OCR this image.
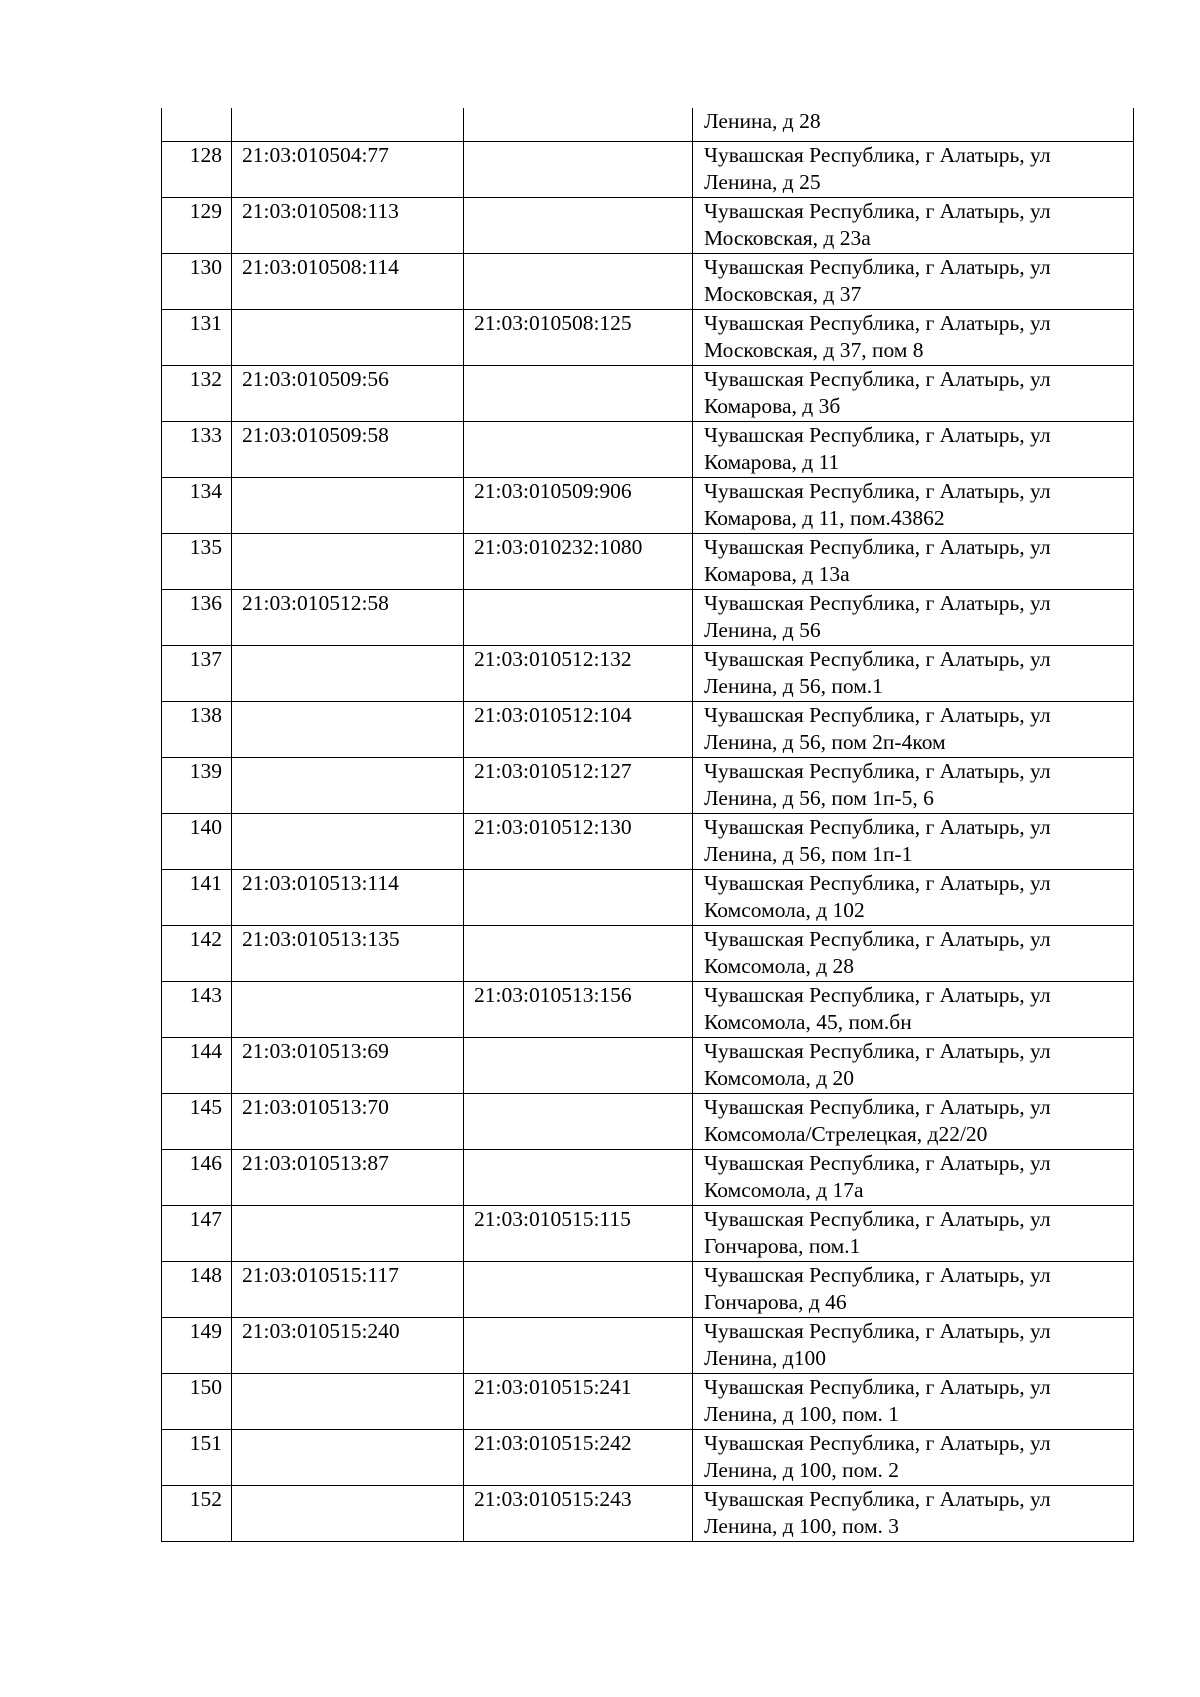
			Ленина, д 28
128	21:03:010504:77		Чувашская Республика, г Алатырь, ул Ленина, д 25
129	21:03:010508:113		Чувашская Республика, г Алатырь, ул Московская, д 23а
130	21:03:010508:114		Чувашская Республика, г Алатырь, ул Московская, д 37
131		21:03:010508:125	Чувашская Республика, г Алатырь, ул Московская, д 37, пом 8
132	21:03:010509:56		Чувашская Республика, г Алатырь, ул Комарова, д 3б
133	21:03:010509:58		Чувашская Республика, г Алатырь, ул Комарова, д 11
134		21:03:010509:906	Чувашская Республика, г Алатырь, ул Комарова, д 11, пом.43862
135		21:03:010232:1080	Чувашская Республика, г Алатырь, ул Комарова, д 13а
136	21:03:010512:58		Чувашская Республика, г Алатырь, ул Ленина, д 56
137		21:03:010512:132	Чувашская Республика, г Алатырь, ул Ленина, д 56, пом.1
138		21:03:010512:104	Чувашская Республика, г Алатырь, ул Ленина, д 56, пом 2п-4ком
139		21:03:010512:127	Чувашская Республика, г Алатырь, ул Ленина, д 56, пом 1п-5, 6
140		21:03:010512:130	Чувашская Республика, г Алатырь, ул Ленина, д 56, пом 1п-1
141	21:03:010513:114		Чувашская Республика, г Алатырь, ул Комсомола, д 102
142	21:03:010513:135		Чувашская Республика, г Алатырь, ул Комсомола, д 28
143		21:03:010513:156	Чувашская Республика, г Алатырь, ул Комсомола, 45, пом.бн
144	21:03:010513:69		Чувашская Республика, г Алатырь, ул Комсомола, д 20
145	21:03:010513:70		Чувашская Республика, г Алатырь, ул Комсомола/Стрелецкая, д22/20
146	21:03:010513:87		Чувашская Республика, г Алатырь, ул Комсомола, д 17а
147		21:03:010515:115	Чувашская Республика, г Алатырь, ул Гончарова, пом.1
148	21:03:010515:117		Чувашская Республика, г Алатырь, ул Гончарова, д 46
149	21:03:010515:240		Чувашская Республика, г Алатырь, ул Ленина, д100
150		21:03:010515:241	Чувашская Республика, г Алатырь, ул Ленина, д 100, пом. 1
151		21:03:010515:242	Чувашская Республика, г Алатырь, ул Ленина, д 100, пом. 2
152		21:03:010515:243	Чувашская Республика, г Алатырь, ул Ленина, д 100, пом. 3
